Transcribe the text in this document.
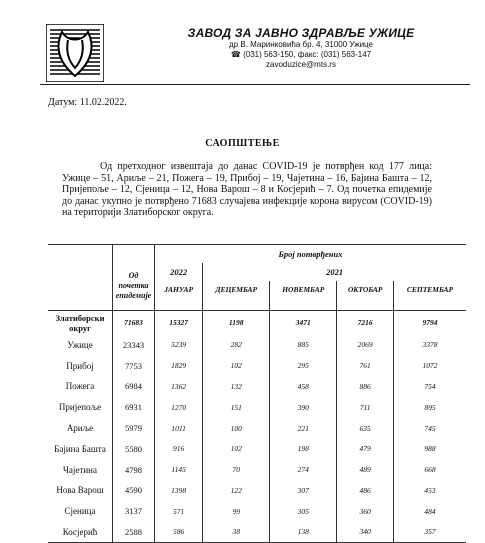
ЗАВОД ЗА ЈАВНО ЗДРАВЉЕ УЖИЦЕ
др В. Маринковића бр. 4, 31000 Ужице
☎ (031) 563-150, факс: (031) 563-147
zavoduzice@mts.rs
Датум: 11.02.2022.
САОПШТЕЊЕ
Од претходног извештаја до данас COVID-19 је потврђен код 177 лица: Ужице – 51, Ариље – 21, Пожега – 19, Прибој – 19, Чајетина – 16, Бајина Башта – 12, Пријепоље – 12, Сјеница – 12, Нова Варош – 8 и Косјерић – 7. Од почетка епидемије до данас укупно је потврђено 71683 случајева инфекције корона вирусом (COVID-19) на територији Златиборског округа.
		Број потврђених				
	Од почетка епидемије	2022	2021			
		ЈАНУАР	ДЕЦЕМБАР	НОВЕМБАР	ОКТОБАР	СЕПТЕМБАР

Златиборски округ	71683	15327	1198	3471	7216	9794
Ужице	23343	5239	282	885	2069	3378
Прибој	7753	1829	102	295	761	1072
Пожега	6984	1362	132	458	886	754
Пријепоље	6931	1270	151	390	711	895
Ариље	5979	1011	100	221	635	745
Бајина Башта	5580	916	102	198	479	988
Чајетина	4798	1145	70	274	489	668
Нова Варош	4590	1398	122	307	486	453
Сјеница	3137	571	99	305	360	484
Косјерић	2588	586	38	138	340	357
